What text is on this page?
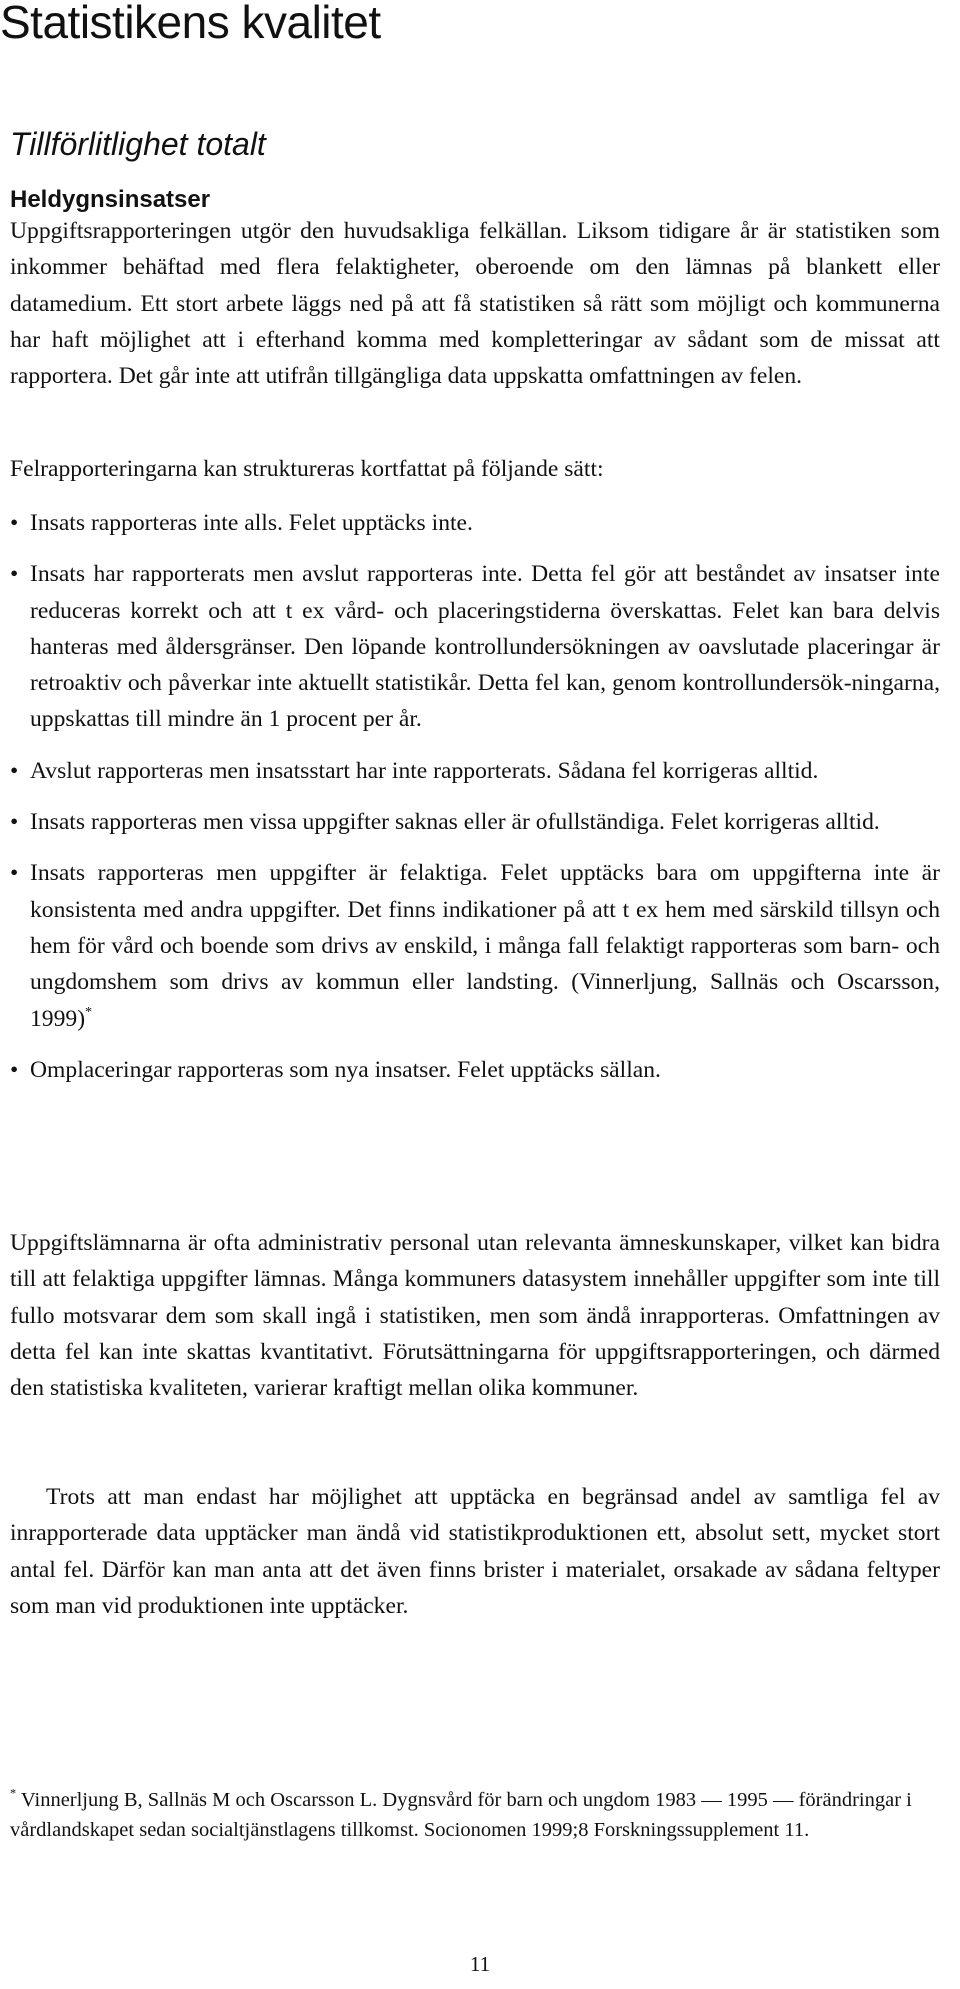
Statistikens kvalitet
Tillförlitlighet totalt
Heldygnsinsatser

Uppgiftsrapporteringen utgör den huvudsakliga felkällan. Liksom tidigare år är statistiken som inkommer behäftad med flera felaktigheter, oberoende om den lämnas på blankett eller datamedium. Ett stort arbete läggs ned på att få statistiken så rätt som möjligt och kommunerna har haft möjlighet att i efterhand komma med kompletteringar av sådant som de missat att rapportera. Det går inte att utifrån tillgängliga data uppskatta omfattningen av felen.

Felrapporteringarna kan struktureras kortfattat på följande sätt:

• Insats rapporteras inte alls. Felet upptäcks inte.
• Insats har rapporterats men avslut rapporteras inte. Detta fel gör att beståndet av insatser inte reduceras korrekt och att t ex vård- och placeringstiderna överskattas. Felet kan bara delvis hanteras med åldersgränser. Den löpande kontrollundersökningen av oavslutade placeringar är retroaktiv och påverkar inte aktuellt statistikår. Detta fel kan, genom kontrollundersök-ningarna, uppskattas till mindre än 1 procent per år.
• Avslut rapporteras men insatsstart har inte rapporterats. Sådana fel korrigeras alltid.
• Insats rapporteras men vissa uppgifter saknas eller är ofullständiga. Felet korrigeras alltid.
• Insats rapporteras men uppgifter är felaktiga. Felet upptäcks bara om uppgifterna inte är konsistenta med andra uppgifter. Det finns indikationer på att t ex hem med särskild tillsyn och hem för vård och boende som drivs av enskild, i många fall felaktigt rapporteras som barn- och ungdomshem som drivs av kommun eller landsting. (Vinnerljung, Sallnäs och Oscarsson, 1999)*
• Omplaceringar rapporteras som nya insatser. Felet upptäcks sällan.

Uppgiftslämnarna är ofta administrativ personal utan relevanta ämneskunskaper, vilket kan bidra till att felaktiga uppgifter lämnas. Många kommuners datasystem innehåller uppgifter som inte till fullo motsvarar dem som skall ingå i statistiken, men som ändå inrapporteras. Omfattningen av detta fel kan inte skattas kvantitativt. Förutsättningarna för uppgiftsrapporteringen, och därmed den statistiska kvaliteten, varierar kraftigt mellan olika kommuner.

Trots att man endast har möjlighet att upptäcka en begränsad andel av samtliga fel av inrapporterade data upptäcker man ändå vid statistikproduktionen ett, absolut sett, mycket stort antal fel. Därför kan man anta att det även finns brister i materialet, orsakade av sådana feltyper som man vid produktionen inte upptäcker.

* Vinnerljung B, Sallnäs M och Oscarsson L. Dygnsvård för barn och ungdom 1983 — 1995 — förändringar i vårdlandskapet sedan socialtjänstlagens tillkomst. Socionomen 1999;8 Forskningssupplement 11.
11
